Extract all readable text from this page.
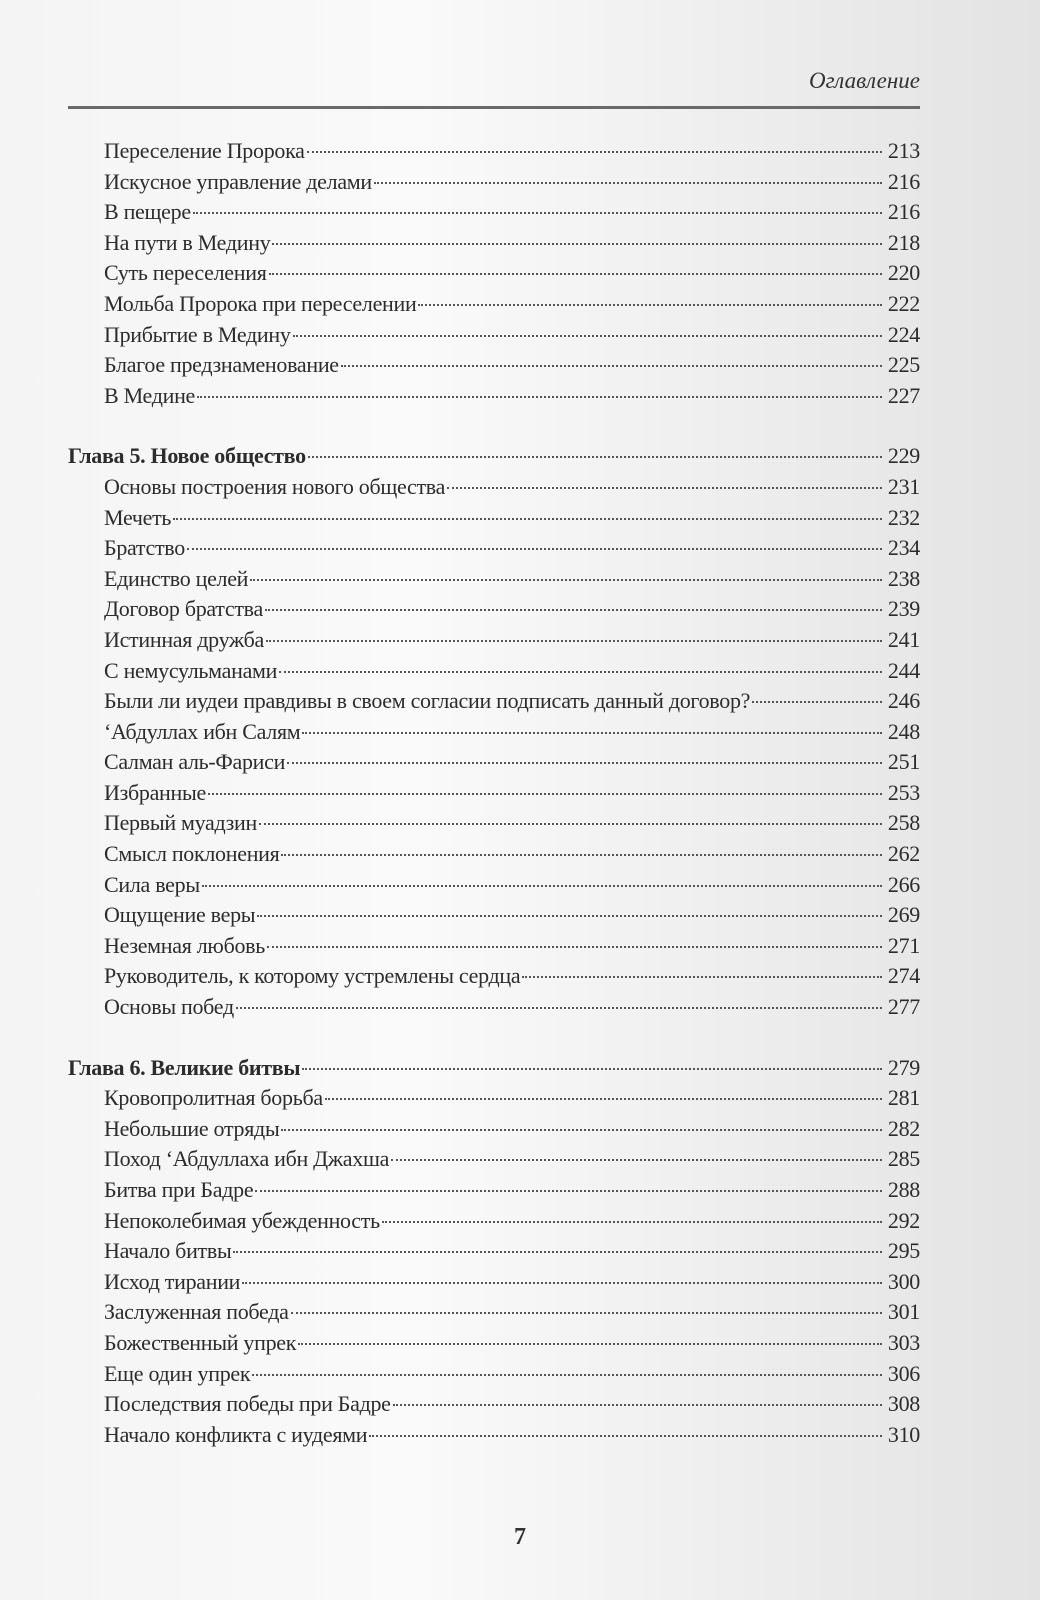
Оглавление
Переселение Пророка	213
Искусное управление делами	216
В пещере	216
На пути в Медину	218
Суть переселения	220
Мольба Пророка при переселении	222
Прибытие в Медину	224
Благое предзнаменование	225
В Медине	227
Глава 5. Новое общество	229
Основы построения нового общества	231
Мечеть	232
Братство	234
Единство целей	238
Договор братства	239
Истинная дружба	241
С немусульманами	244
Были ли иудеи правдивы в своем согласии подписать данный договор?	246
‘Абдуллах ибн Салям	248
Салман аль-Фариси	251
Избранные	253
Первый муадзин	258
Смысл поклонения	262
Сила веры	266
Ощущение веры	269
Неземная любовь	271
Руководитель, к которому устремлены сердца	274
Основы побед	277
Глава 6. Великие битвы	279
Кровопролитная борьба	281
Небольшие отряды	282
Поход ‘Абдуллаха ибн Джахша	285
Битва при Бадре	288
Непоколебимая убежденность	292
Начало битвы	295
Исход тирании	300
Заслуженная победа	301
Божественный упрек	303
Еще один упрек	306
Последствия победы при Бадре	308
Начало конфликта с иудеями	310
7
